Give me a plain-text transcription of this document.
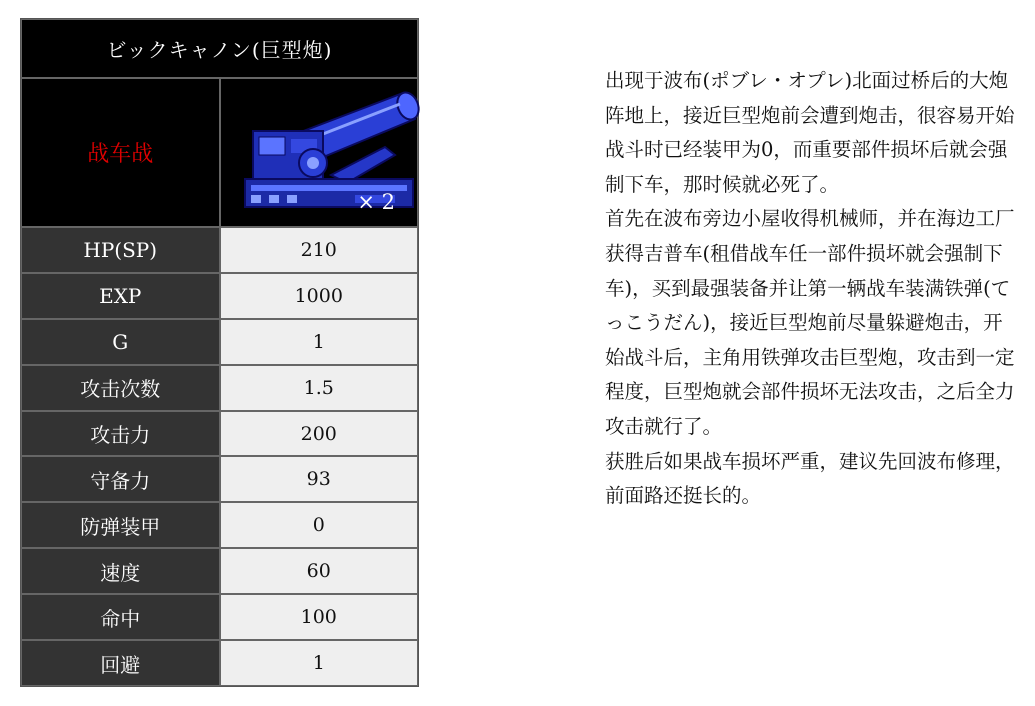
ビックキャノン(巨型炮)	
战车战	× 2

HP(SP)	210
EXP	1000
G	1
攻击次数	1.5
攻击力	200
守备力	93
防弹装甲	0
速度	60
命中	100
回避	1

出现于波布(ポブレ・オプレ)北面过桥后的大炮阵地上，接近巨型炮前会遭到炮击，很容易开始战斗时已经装甲为0，而重要部件损坏后就会强制下车，那时候就必死了。

首先在波布旁边小屋收得机械师，并在海边工厂获得吉普车(租借战车任一部件损坏就会强制下车)，买到最强装备并让第一辆战车装满铁弹(てっこうだん)，接近巨型炮前尽量躲避炮击，开始战斗后，主角用铁弹攻击巨型炮，攻击到一定程度，巨型炮就会部件损坏无法攻击，之后全力攻击就行了。

获胜后如果战车损坏严重，建议先回波布修理，前面路还挺长的。
